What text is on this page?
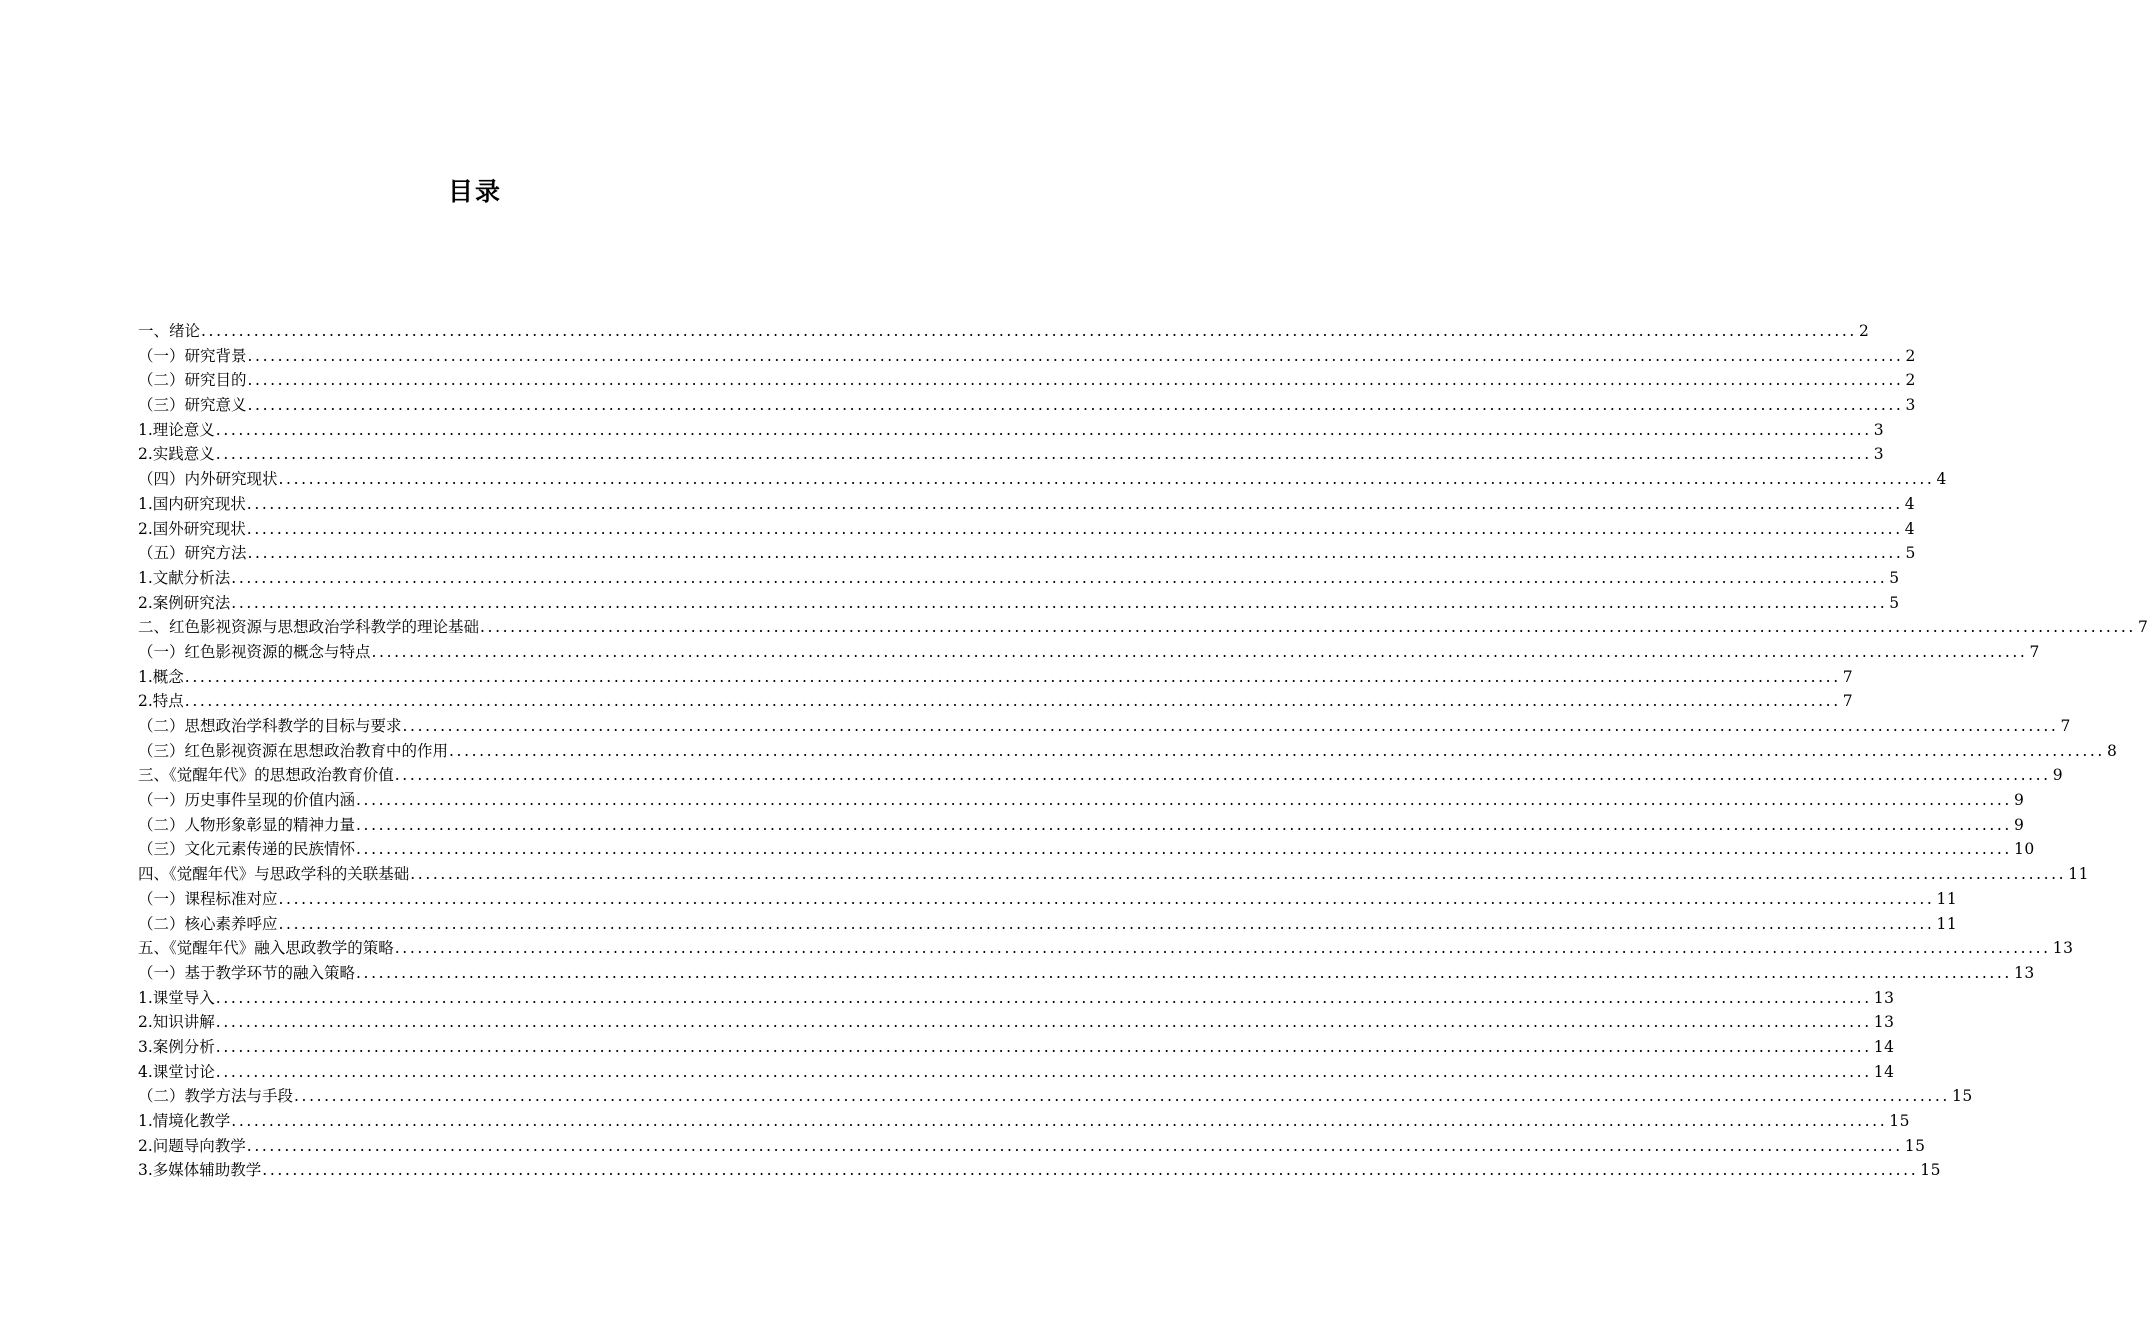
目录
一、绪论 ............................................................................................................................................................................................................................ 2
（一）研究背景 ............................................................................................................................................................................................................................ 2
（二）研究目的 ............................................................................................................................................................................................................................ 2
（三）研究意义 ............................................................................................................................................................................................................................ 3
1.理论意义 ............................................................................................................................................................................................................................ 3
2.实践意义 ............................................................................................................................................................................................................................ 3
（四）内外研究现状 ............................................................................................................................................................................................................................ 4
1.国内研究现状 ............................................................................................................................................................................................................................ 4
2.国外研究现状 ............................................................................................................................................................................................................................ 4
（五）研究方法 ............................................................................................................................................................................................................................ 5
1.文献分析法 ............................................................................................................................................................................................................................ 5
2.案例研究法 ............................................................................................................................................................................................................................ 5
二、红色影视资源与思想政治学科教学的理论基础 ............................................................................................................................................................................................................................ 7
（一）红色影视资源的概念与特点 ............................................................................................................................................................................................................................ 7
1.概念 ............................................................................................................................................................................................................................ 7
2.特点 ............................................................................................................................................................................................................................ 7
（二）思想政治学科教学的目标与要求 ............................................................................................................................................................................................................................ 7
（三）红色影视资源在思想政治教育中的作用 ............................................................................................................................................................................................................................ 8
三、《觉醒年代》的思想政治教育价值 ............................................................................................................................................................................................................................ 9
（一）历史事件呈现的价值内涵 ............................................................................................................................................................................................................................ 9
（二）人物形象彰显的精神力量 ............................................................................................................................................................................................................................ 9
（三）文化元素传递的民族情怀 ............................................................................................................................................................................................................................ 10
四、《觉醒年代》与思政学科的关联基础 ............................................................................................................................................................................................................................ 11
（一）课程标准对应 ............................................................................................................................................................................................................................ 11
（二）核心素养呼应 ............................................................................................................................................................................................................................ 11
五、《觉醒年代》融入思政教学的策略 ............................................................................................................................................................................................................................ 13
（一）基于教学环节的融入策略 ............................................................................................................................................................................................................................ 13
1.课堂导入 ............................................................................................................................................................................................................................ 13
2.知识讲解 ............................................................................................................................................................................................................................ 13
3.案例分析 ............................................................................................................................................................................................................................ 14
4.课堂讨论 ............................................................................................................................................................................................................................ 14
（二）教学方法与手段 ............................................................................................................................................................................................................................ 15
1.情境化教学 ............................................................................................................................................................................................................................ 15
2.问题导向教学 ............................................................................................................................................................................................................................ 15
3.多媒体辅助教学 ............................................................................................................................................................................................................................ 15
